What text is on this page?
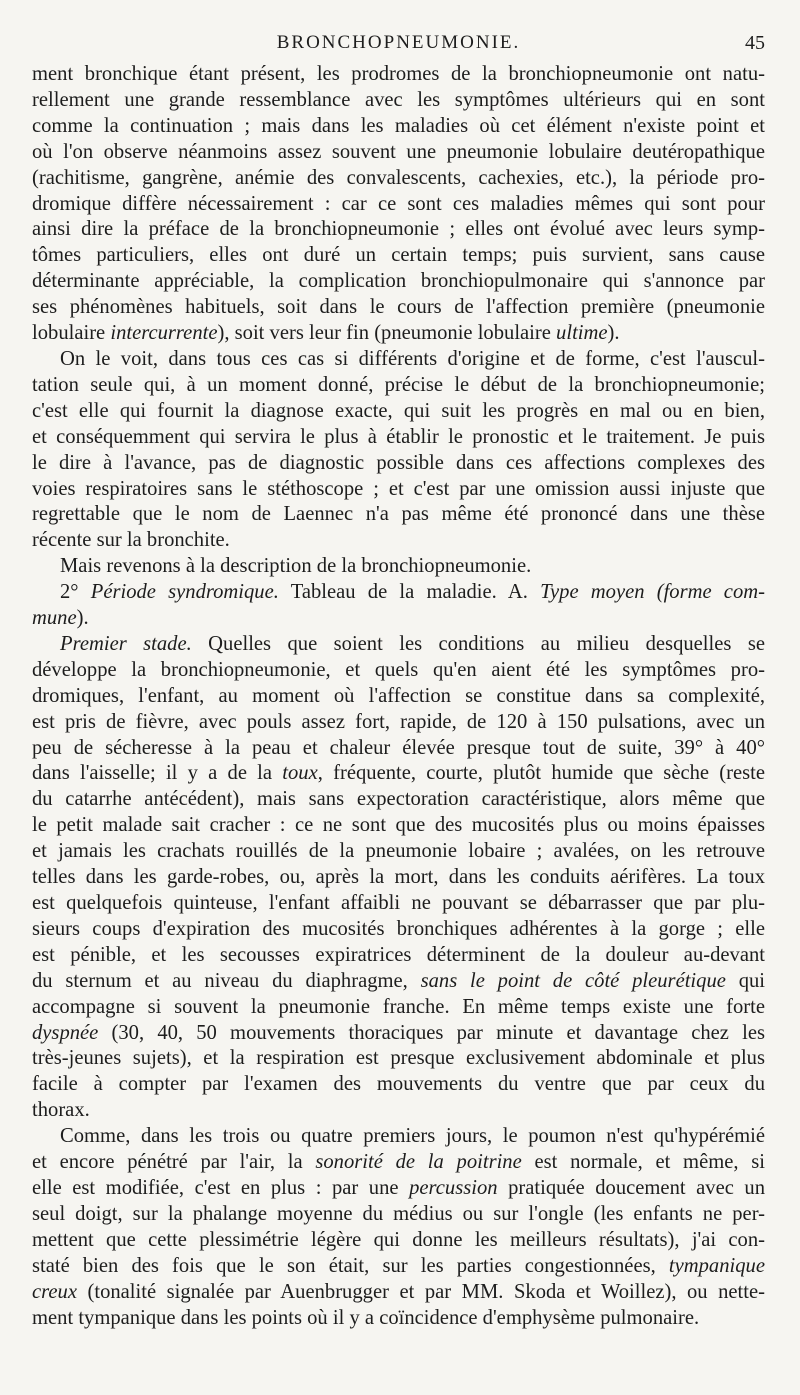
BRONCHOPNEUMONIE.	45

ment bronchique étant présent, les prodromes de la bronchiopneumonie ont natu-
rellement une grande ressemblance avec les symptômes ultérieurs qui en sont
comme la continuation ; mais dans les maladies où cet élément n'existe point et
où l'on observe néanmoins assez souvent une pneumonie lobulaire deutéropathique
(rachitisme, gangrène, anémie des convalescents, cachexies, etc.), la période pro-
dromique diffère nécessairement : car ce sont ces maladies mêmes qui sont pour
ainsi dire la préface de la bronchiopneumonie ; elles ont évolué avec leurs symp-
tômes particuliers, elles ont duré un certain temps; puis survient, sans cause
déterminante appréciable, la complication bronchiopulmonaire qui s'annonce par
ses phénomènes habituels, soit dans le cours de l'affection première (pneumonie
lobulaire intercurrente), soit vers leur fin (pneumonie lobulaire ultime).

On le voit, dans tous ces cas si différents d'origine et de forme, c'est l'auscul-
tation seule qui, à un moment donné, précise le début de la bronchiopneumonie;
c'est elle qui fournit la diagnose exacte, qui suit les progrès en mal ou en bien,
et conséquemment qui servira le plus à établir le pronostic et le traitement. Je puis
le dire à l'avance, pas de diagnostic possible dans ces affections complexes des
voies respiratoires sans le stéthoscope ; et c'est par une omission aussi injuste que
regrettable que le nom de Laennec n'a pas même été prononcé dans une thèse
récente sur la bronchite.

Mais revenons à la description de la bronchiopneumonie.

2° Période syndromique. Tableau de la maladie. A. Type moyen (forme com-
mune).

Premier stade. Quelles que soient les conditions au milieu desquelles se
développe la bronchiopneumonie, et quels qu'en aient été les symptômes pro-
dromiques, l'enfant, au moment où l'affection se constitue dans sa complexité,
est pris de fièvre, avec pouls assez fort, rapide, de 120 à 150 pulsations, avec un
peu de sécheresse à la peau et chaleur élevée presque tout de suite, 39° à 40°
dans l'aisselle; il y a de la toux, fréquente, courte, plutôt humide que sèche (reste
du catarrhe antécédent), mais sans expectoration caractéristique, alors même que
le petit malade sait cracher : ce ne sont que des mucosités plus ou moins épaisses
et jamais les crachats rouillés de la pneumonie lobaire ; avalées, on les retrouve
telles dans les garde-robes, ou, après la mort, dans les conduits aérifères. La toux
est quelquefois quinteuse, l'enfant affaibli ne pouvant se débarrasser que par plu-
sieurs coups d'expiration des mucosités bronchiques adhérentes à la gorge ; elle
est pénible, et les secousses expiratrices déterminent de la douleur au-devant
du sternum et au niveau du diaphragme, sans le point de côté pleurétique qui
accompagne si souvent la pneumonie franche. En même temps existe une forte
dyspnée (30, 40, 50 mouvements thoraciques par minute et davantage chez les
très-jeunes sujets), et la respiration est presque exclusivement abdominale et plus
facile à compter par l'examen des mouvements du ventre que par ceux du
thorax.

Comme, dans les trois ou quatre premiers jours, le poumon n'est qu'hypérémié
et encore pénétré par l'air, la sonorité de la poitrine est normale, et même, si
elle est modifiée, c'est en plus : par une percussion pratiquée doucement avec un
seul doigt, sur la phalange moyenne du médius ou sur l'ongle (les enfants ne per-
mettent que cette plessimétrie légère qui donne les meilleurs résultats), j'ai con-
staté bien des fois que le son était, sur les parties congestionnées, tympanique
creux (tonalité signalée par Auenbrugger et par MM. Skoda et Woillez), ou nette-
ment tympanique dans les points où il y a coïncidence d'emphysème pulmonaire.
